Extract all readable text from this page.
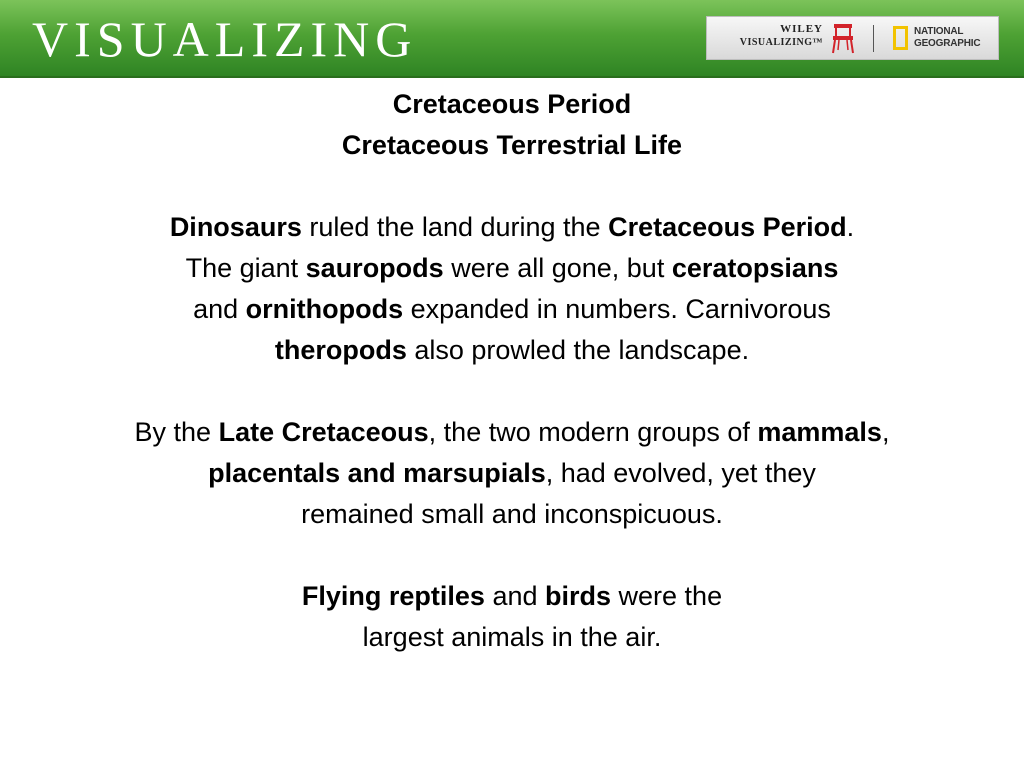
VISUALIZING	WILEY
VISUALIZING™
NATIONAL
GEOGRAPHIC
Cretaceous Period
Cretaceous Terrestrial Life
Dinosaurs ruled the land during the Cretaceous Period.
The giant sauropods were all gone, but ceratopsians
and ornithopods expanded in numbers. Carnivorous
theropods also prowled the landscape.
By the Late Cretaceous, the two modern groups of mammals,
placentals and marsupials, had evolved, yet they
remained small and inconspicuous.
Flying reptiles and birds were the
largest animals in the air.
